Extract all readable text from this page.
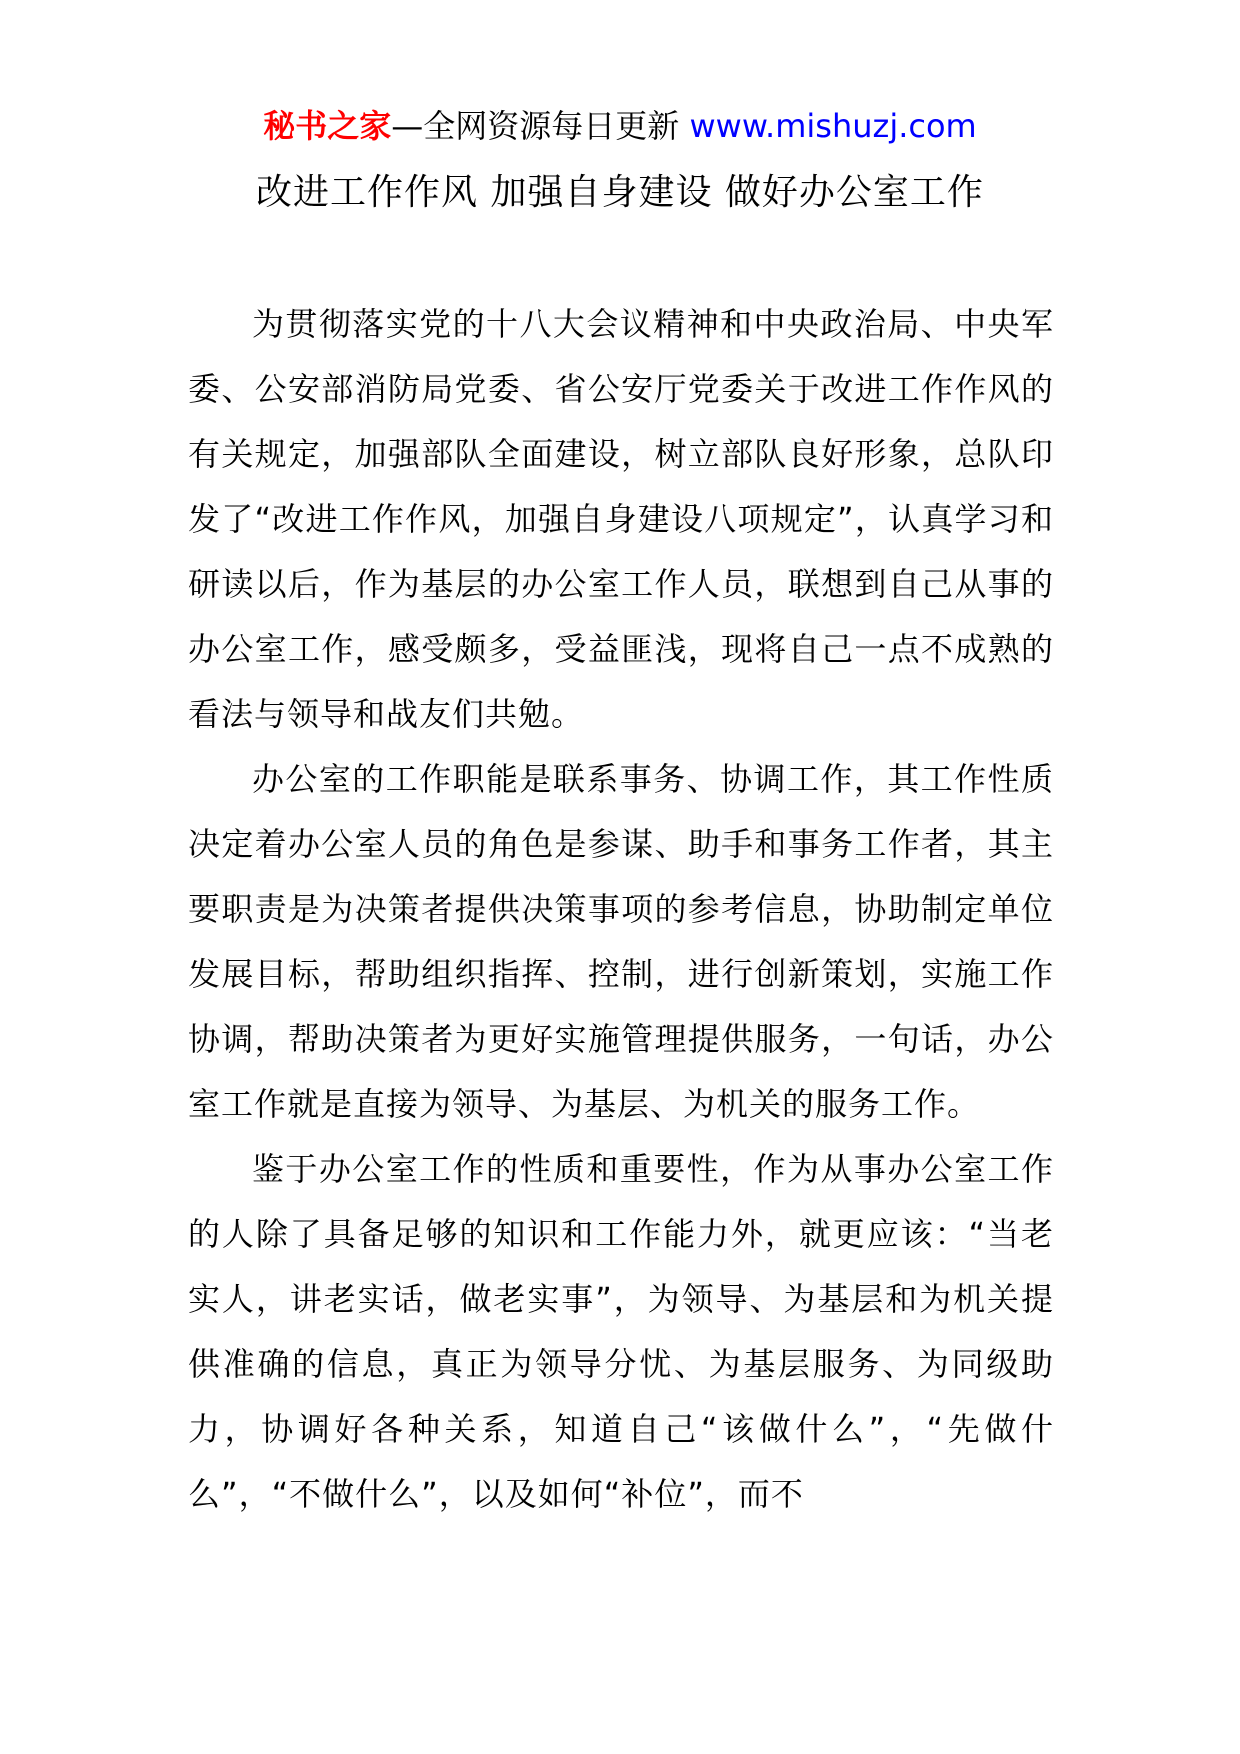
秘书之家—全网资源每日更新 www.mishuzj.com
改进工作作风 加强自身建设 做好办公室工作

为贯彻落实党的十八大会议精神和中央政治局、中央军委、公安部消防局党委、省公安厅党委关于改进工作作风的有关规定，加强部队全面建设，树立部队良好形象，总队印发了“改进工作作风，加强自身建设八项规定”，认真学习和研读以后，作为基层的办公室工作人员，联想到自己从事的办公室工作，感受颇多，受益匪浅，现将自己一点不成熟的看法与领导和战友们共勉。

办公室的工作职能是联系事务、协调工作，其工作性质决定着办公室人员的角色是参谋、助手和事务工作者，其主要职责是为决策者提供决策事项的参考信息，协助制定单位发展目标，帮助组织指挥、控制，进行创新策划，实施工作协调，帮助决策者为更好实施管理提供服务，一句话，办公室工作就是直接为领导、为基层、为机关的服务工作。

鉴于办公室工作的性质和重要性，作为从事办公室工作的人除了具备足够的知识和工作能力外，就更应该：“当老实人，讲老实话，做老实事”，为领导、为基层和为机关提供准确的信息，真正为领导分忧、为基层服务、为同级助力，协调好各种关系，知道自己“该做什么”，“先做什么”，“不做什么”，以及如何“补位”，而不
